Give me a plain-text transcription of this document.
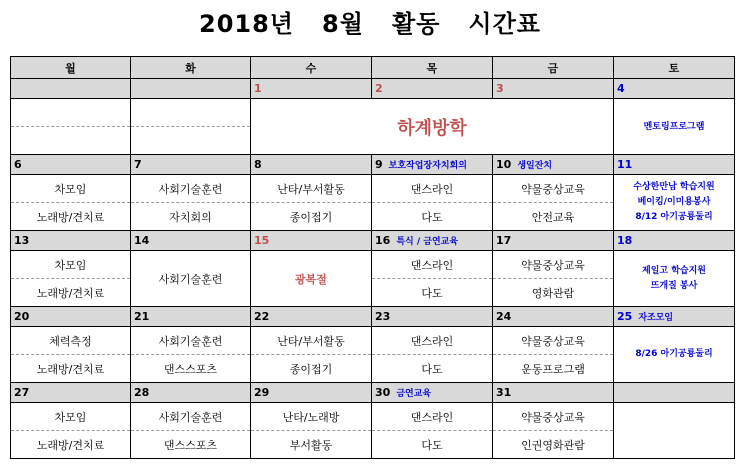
2018년   8월   활동   시간표
월	화	수	목	금	토
		1	2	3	4
		하계방학			멘토링프로그램

6	7	8	9 보호작업장자치회의	10 생일잔치	11
차모임	사회기술훈련	난타/부서활동	댄스라인	약물중상교육	수상한만남 학습지원
베이킹/이미용봉사
8/12 아기공룡둘리

노래방/견치료	자치회의	종이접기	다도	안전교육	
13	14	15	16 특식 / 금연교육	17	18
차모임	사회기술훈련	광복절	댄스라인	약물중상교육	제일고 학습지원
뜨개질 봉사

노래방/견치료			다도	영화관람	
20	21	22	23	24	25 자조모임
체력측정	사회기술훈련	난타/부서활동	댄스라인	약물중상교육	8/26 아기공룡둘리

노래방/견치료	댄스스포츠	종이접기	다도	운동프로그램	
27	28	29	30 금연교육	31	
차모임	사회기술훈련	난타/노래방	댄스라인	약물중상교육	
노래방/견치료	댄스스포츠	부서활동	다도	인권영화관람	
